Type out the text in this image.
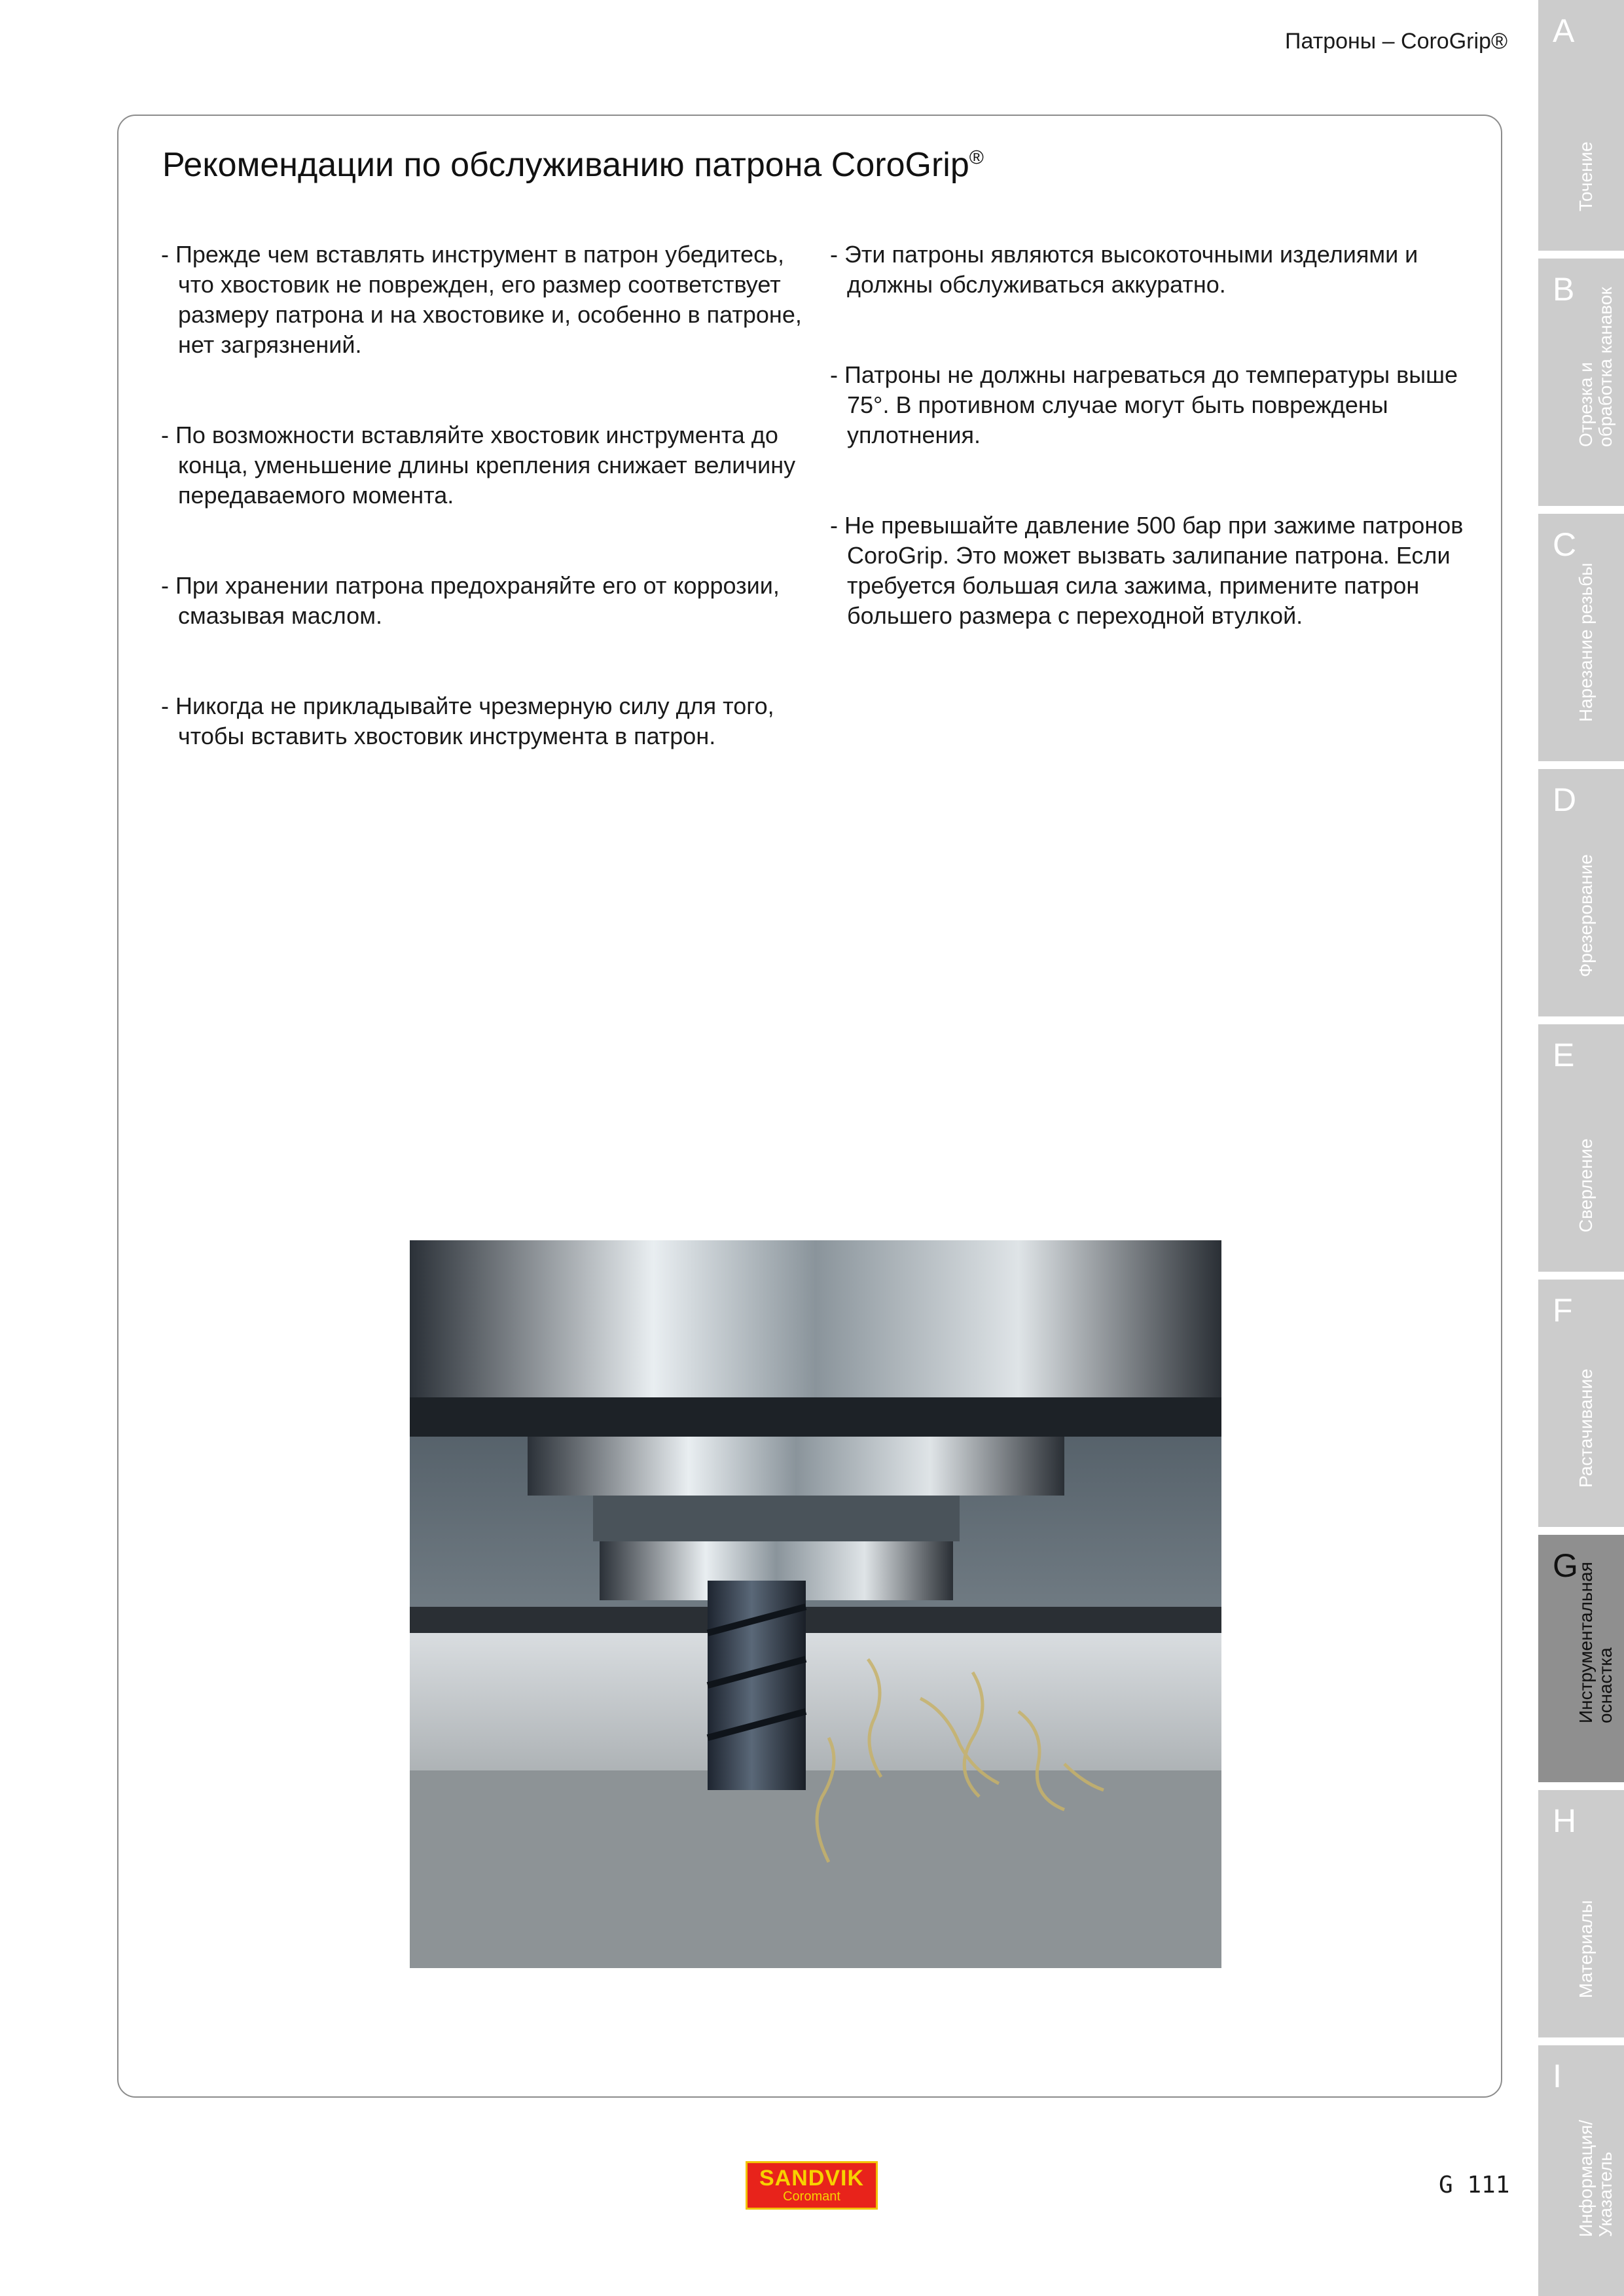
Патроны – CoroGrip®
Рекомендации по обслуживанию патрона CoroGrip®

- Прежде чем вставлять инструмент в патрон убедитесь, что хвостовик не поврежден, его размер соответствует размеру патрона и на хвостовике и, особенно в патроне, нет загрязнений.

- По возможности вставляйте хвостовик инструмента до конца, уменьшение длины крепления снижает величину передаваемого момента.

- При хранении патрона предохраняйте его от коррозии, смазывая маслом.

- Никогда не прикладывайте чрезмерную силу для того, чтобы вставить хвостовик инструмента в патрон.

- Эти патроны являются высокоточными изделиями и должны обслуживаться аккуратно.

- Патроны не должны нагреваться до температуры выше 75°. В противном случае могут быть повреждены уплотнения.

- Не превышайте давление 500 бар при зажиме патронов CoroGrip. Это может вызвать залипание патрона. Если требуется большая сила зажима, примените патрон большего размера с переходной втулкой.

SANDVIK
Coromant	G 111
A
Точение
B
Отрезка и
обработка канавок
C
Нарезание резьбы
D
Фрезерование
E
Сверление
F
Растачивание
G
Инструментальная
оснастка
H
Материалы
I
Информация/
Указатель
